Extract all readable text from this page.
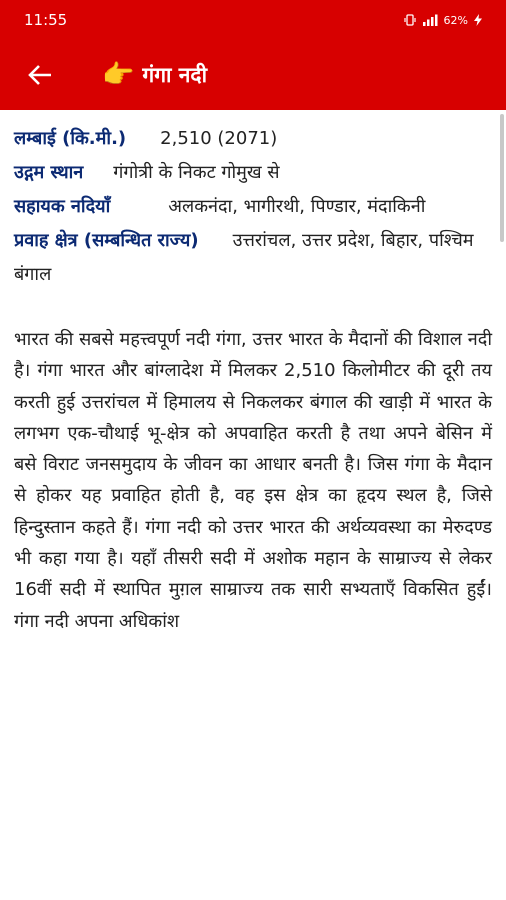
11:55	62%
👉 गंगा नदी
लम्बाई (कि.मी.) 2,510 (2071)
उद्गम स्थान गंगोत्री के निकट गोमुख से
सहायक नदियाँ	अलकनंदा, भागीरथी, पिण्डार, मंदाकिनी
प्रवाह क्षेत्र (सम्बन्धित राज्य) उत्तरांचल, उत्तर प्रदेश, बिहार, पश्चिम बंगाल

भारत की सबसे महत्त्वपूर्ण नदी गंगा, उत्तर भारत के मैदानों की विशाल नदी है। गंगा भारत और बांग्लादेश में मिलकर 2,510 किलोमीटर की दूरी तय करती हुई उत्तरांचल में हिमालय से निकलकर बंगाल की खाड़ी में भारत के लगभग एक-चौथाई भू-क्षेत्र को अपवाहित करती है तथा अपने बेसिन में बसे विराट जनसमुदाय के जीवन का आधार बनती है। जिस गंगा के मैदान से होकर यह प्रवाहित होती है, वह इस क्षेत्र का हृदय स्थल है, जिसे हिन्दुस्तान कहते हैं। गंगा नदी को उत्तर भारत की अर्थव्यवस्था का मेरुदण्ड भी कहा गया है। यहाँ तीसरी सदी में अशोक महान के साम्राज्य से लेकर 16वीं सदी में स्थापित मुग़ल साम्राज्य तक सारी सभ्यताएँ विकसित हुईं। गंगा नदी अपना अधिकांश
